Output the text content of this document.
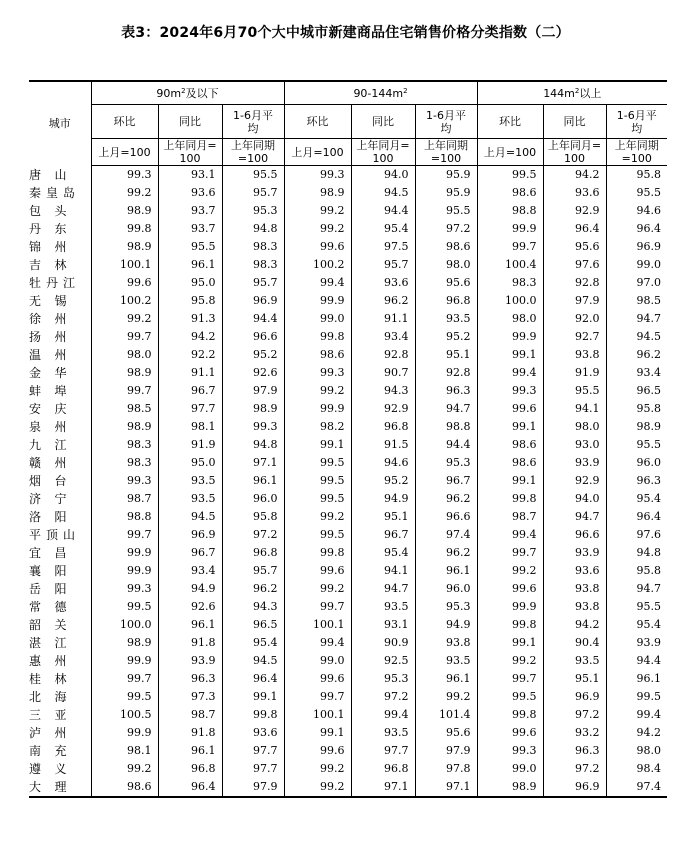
表3：2024年6月70个大中城市新建商品住宅销售价格分类指数（二）
城市	$90m^2$及以下			$90-144m^2$			$144m^2$以上		
	环比	同比	1-6月平均	环比	同比	1-6月平均	环比	同比	1-6月平均
	上月=100	上年同月=100	上年同期=100	上月=100	上年同月=100	上年同期=100	上月=100	上年同月=100	上年同期=100

唐 山	99.3	93.1	95.5	99.3	94.0	95.9	99.5	94.2	95.8

秦 皇 岛	99.2	93.6	95.7	98.9	94.5	95.9	98.6	93.6	95.5

包 头	98.9	93.7	95.3	99.2	94.4	95.5	98.8	92.9	94.6

丹 东	99.8	93.7	94.8	99.2	95.4	97.2	99.9	96.4	96.4

锦 州	98.9	95.5	98.3	99.6	97.5	98.6	99.7	95.6	96.9

吉 林	100.1	96.1	98.3	100.2	95.7	98.0	100.4	97.6	99.0

牡 丹 江	99.6	95.0	95.7	99.4	93.6	95.6	98.3	92.8	97.0

无 锡	100.2	95.8	96.9	99.9	96.2	96.8	100.0	97.9	98.5

徐 州	99.2	91.3	94.4	99.0	91.1	93.5	98.0	92.0	94.7

扬 州	99.7	94.2	96.6	99.8	93.4	95.2	99.9	92.7	94.5

温 州	98.0	92.2	95.2	98.6	92.8	95.1	99.1	93.8	96.2

金 华	98.9	91.1	92.6	99.3	90.7	92.8	99.4	91.9	93.4

蚌 埠	99.7	96.7	97.9	99.2	94.3	96.3	99.3	95.5	96.5

安 庆	98.5	97.7	98.9	99.9	92.9	94.7	99.6	94.1	95.8

泉 州	98.9	98.1	99.3	98.2	96.8	98.8	99.1	98.0	98.9

九 江	98.3	91.9	94.8	99.1	91.5	94.4	98.6	93.0	95.5

赣 州	98.3	95.0	97.1	99.5	94.6	95.3	98.6	93.9	96.0

烟 台	99.3	93.5	96.1	99.5	95.2	96.7	99.1	92.9	96.3

济 宁	98.7	93.5	96.0	99.5	94.9	96.2	99.8	94.0	95.4

洛 阳	98.8	94.5	95.8	99.2	95.1	96.6	98.7	94.7	96.4

平 顶 山	99.7	96.9	97.2	99.5	96.7	97.4	99.4	96.6	97.6

宜 昌	99.9	96.7	96.8	99.8	95.4	96.2	99.7	93.9	94.8

襄 阳	99.9	93.4	95.7	99.6	94.1	96.1	99.2	93.6	95.8

岳 阳	99.3	94.9	96.2	99.2	94.7	96.0	99.6	93.8	94.7

常 德	99.5	92.6	94.3	99.7	93.5	95.3	99.9	93.8	95.5

韶 关	100.0	96.1	96.5	100.1	93.1	94.9	99.8	94.2	95.4

湛 江	98.9	91.8	95.4	99.4	90.9	93.8	99.1	90.4	93.9

惠 州	99.9	93.9	94.5	99.0	92.5	93.5	99.2	93.5	94.4

桂 林	99.7	96.3	96.4	99.6	95.3	96.1	99.7	95.1	96.1

北 海	99.5	97.3	99.1	99.7	97.2	99.2	99.5	96.9	99.5

三 亚	100.5	98.7	99.8	100.1	99.4	101.4	99.8	97.2	99.4

泸 州	99.9	91.8	93.6	99.1	93.5	95.6	99.6	93.2	94.2

南 充	98.1	96.1	97.7	99.6	97.7	97.9	99.3	96.3	98.0

遵 义	99.2	96.8	97.7	99.2	96.8	97.8	99.0	97.2	98.4

大 理	98.6	96.4	97.9	99.2	97.1	97.1	98.9	96.9	97.4
